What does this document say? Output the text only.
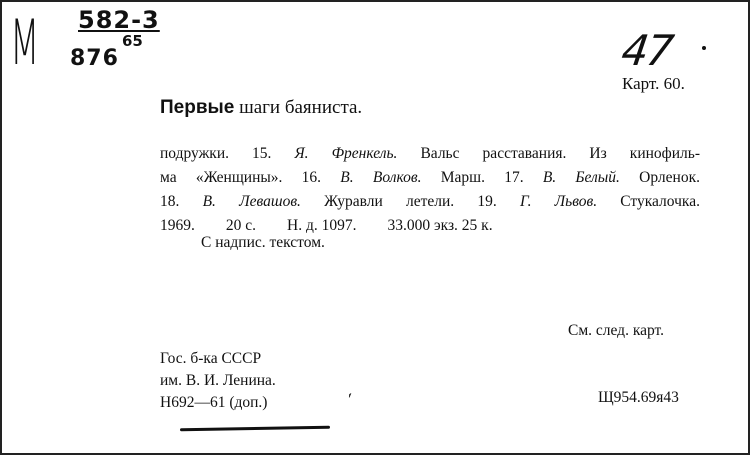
М 582-3
65
876	47
Карт. 60.
Первые шаги баяниста.
подружки. 15. Я. Френкель. Вальс расставания. Из кинофиль-
ма «Женщины». 16. В. Волков. Марш. 17. В. Белый. Орленок.
18. В. Левашов. Журавли летели. 19. Г. Львов. Стукалочка.
1969.        20 с.        Н. д. 1097.        33.000 экз. 25 к.
С надпис. текстом.
См. след. карт.
Гос. б-ка СССР
им. В. И. Ленина.
Н692—61 (доп.)	Щ954.69я43
ˊ
